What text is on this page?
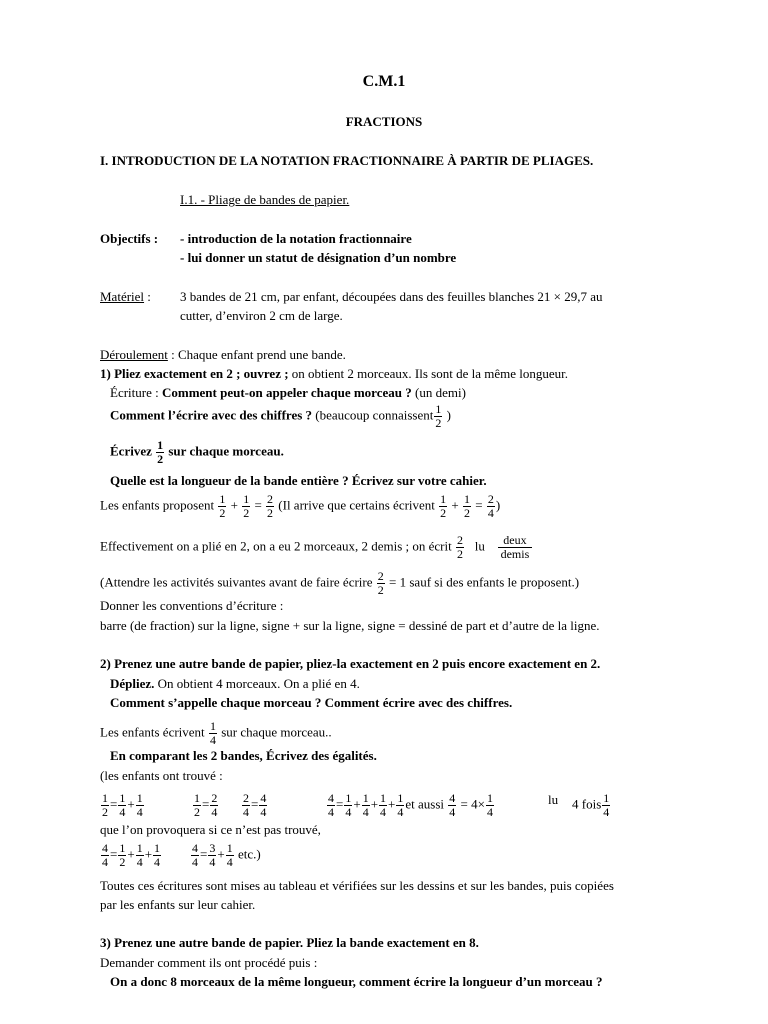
C.M.1
FRACTIONS
I. INTRODUCTION DE LA NOTATION FRACTIONNAIRE À PARTIR DE PLIAGES.
I.1. - Pliage de bandes de papier.
Objectifs : - introduction de la notation fractionnaire
- lui donner un statut de désignation d’un nombre
Matériel : 3 bandes de 21 cm, par enfant, découpées dans des feuilles blanches 21 × 29,7 au
cutter, d’environ 2 cm de large.
Déroulement : Chaque enfant prend une bande.
1) Pliez exactement en 2 ; ouvrez ; on obtient 2 morceaux. Ils sont de la même longueur.
Écriture : Comment peut-on appeler chaque morceau ? (un demi)
Comment l’écrire avec des chiffres ? (beaucoup connaissent $\frac{1}{2}$ )
Écrivez $\frac{1}{2}$ sur chaque morceau.
Quelle est la longueur de la bande entière ? Écrivez sur votre cahier.
Les enfants proposent $\frac{1}{2} + \frac{1}{2} = \frac{2}{2} (Il$ arrive que certains écrivent $\frac{1}{2} + \frac{1}{2} = \frac{2}{4}$ )
Effectivement on a plié en 2, on a eu 2 morceaux, 2 demis ; on écrit $\frac{2}{2}$ lu $\frac{\text{deux}}{\text{demis}}$
(Attendre les activités suivantes avant de faire écrire $\frac{2}{2} = 1$ sauf si des enfants le proposent.)
Donner les conventions d’écriture :
barre (de fraction) sur la ligne, signe + sur la ligne, signe = dessiné de part et d’autre de la ligne.
2) Prenez une autre bande de papier, pliez-la exactement en 2 puis encore exactement en 2.
Dépliez. On obtient 4 morceaux. On a plié en 4.
Comment s’appelle chaque morceau ? Comment écrire avec des chiffres.
Les enfants écrivent $\frac{1}{4}$ sur chaque morceau..
En comparant les 2 bandes, Écrivez des égalités.
(les enfants ont trouvé :
$\frac{1}{2} = \frac{1}{4} + \frac{1}{4}$	$\frac{1}{2} = \frac{2}{4} \frac{2}{4} = \frac{4}{4}$	$\frac{4}{4} = \frac{1}{4} + \frac{1}{4} + \frac{1}{4} + \frac{1}{4}$ et aussi $\frac{4}{4} = 4\times \frac{1}{4}$	lu 4 fois $\frac{1}{4}$
que l’on provoquera si ce n’est pas trouvé,
$\frac{4}{4} = \frac{1}{2} + \frac{1}{4} + \frac{1}{4} \frac{4}{4} = \frac{3}{4} + \frac{1}{4} etc$.)
Toutes ces écritures sont mises au tableau et vérifiées sur les dessins et sur les bandes, puis copiées
par les enfants sur leur cahier.
3) Prenez une autre bande de papier. Pliez la bande exactement en 8.
Demander comment ils ont procédé puis :
On a donc 8 morceaux de la même longueur, comment écrire la longueur d’un morceau ?
